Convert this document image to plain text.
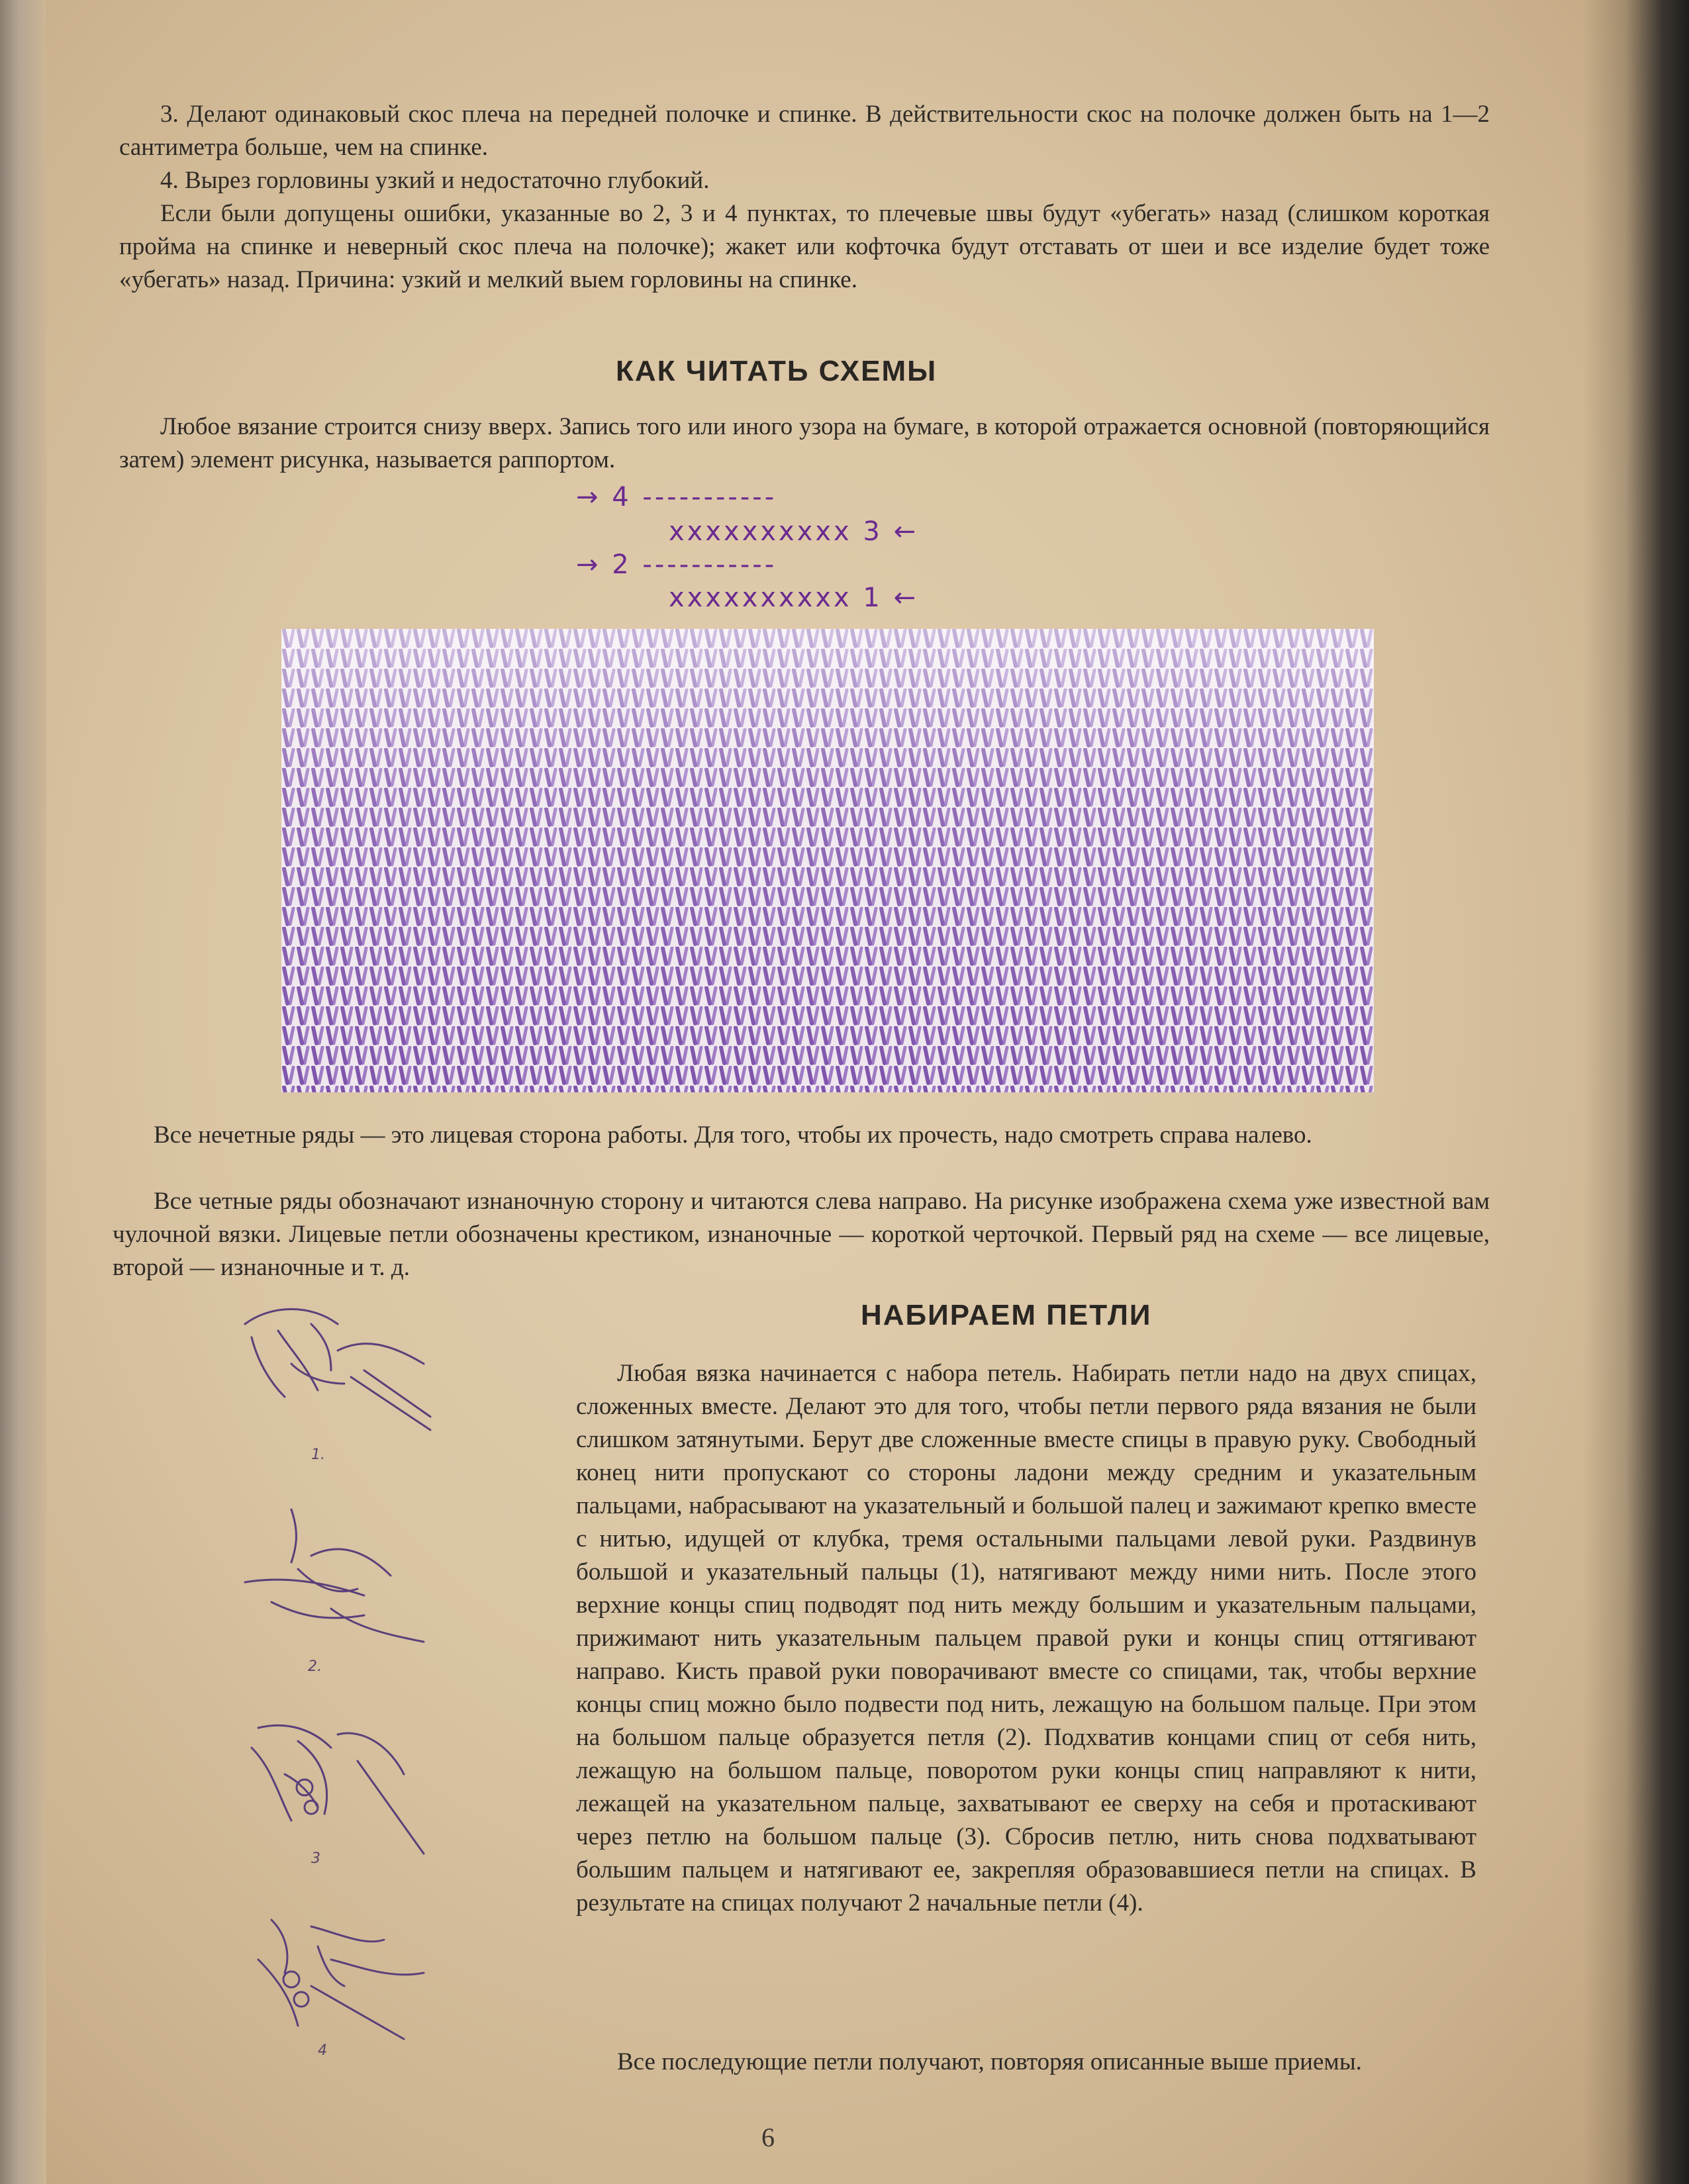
3. Делают одинаковый скос плеча на передней полочке и спинке. В действительности скос на полочке должен быть на 1—2 сантиметра больше, чем на спинке.

4. Вырез горловины узкий и недостаточно глубокий.

Если были допущены ошибки, указанные во 2, 3 и 4 пунктах, то плечевые швы будут «убегать» назад (слишком короткая пройма на спинке и неверный скос плеча на полочке); жакет или кофточка будут отставать от шеи и все изделие будет тоже «убегать» назад. Причина: узкий и мелкий выем горловины на спинке.

КАК ЧИТАТЬ СХЕМЫ

Любое вязание строится снизу вверх. Запись того или иного узора на бумаге, в которой отражается основной (повторяющийся затем) элемент рисунка, называется раппортом.

→ 4 -----------
xxxxxxxxxx 3 ←
→ 2 -----------
xxxxxxxxxx 1 ←

Все нечетные ряды — это лицевая сторона работы. Для того, чтобы их прочесть, надо смотреть справа налево.

Все четные ряды обозначают изнаночную сторону и читаются слева направо. На рисунке изображена схема уже известной вам чулочной вязки. Лицевые петли обозначены крестиком, изнаночные — короткой черточкой. Первый ряд на схеме — все лицевые, второй — изнаночные и т. д.

НАБИРАЕМ ПЕТЛИ
1.
2.
3
4

Любая вязка начинается с набора петель. Набирать петли надо на двух спицах, сложенных вместе. Делают это для того, чтобы петли первого ряда вязания не были слишком затянутыми. Берут две сложенные вместе спицы в правую руку. Свободный конец нити пропускают со стороны ладони между средним и указательным пальцами, набрасывают на указательный и большой палец и зажимают крепко вместе с нитью, идущей от клубка, тремя остальными пальцами левой руки. Раздвинув большой и указательный пальцы (1), натягивают между ними нить. После этого верхние концы спиц подводят под нить между большим и указательным пальцами, прижимают нить указательным пальцем правой руки и концы спиц оттягивают направо. Кисть правой руки поворачивают вместе со спицами, так, чтобы верхние концы спиц можно было подвести под нить, лежащую на большом пальце. При этом на большом пальце образуется петля (2). Подхватив концами спиц от себя нить, лежащую на большом пальце, поворотом руки концы спиц направляют к нити, лежащей на указательном пальце, захватывают ее сверху на себя и протаскивают через петлю на большом пальце (3). Сбросив петлю, нить снова подхватывают большим пальцем и натягивают ее, закрепляя образовавшиеся петли на спицах. В результате на спицах получают 2 начальные петли (4).

Все последующие петли получают, повторяя описанные выше приемы.

6
